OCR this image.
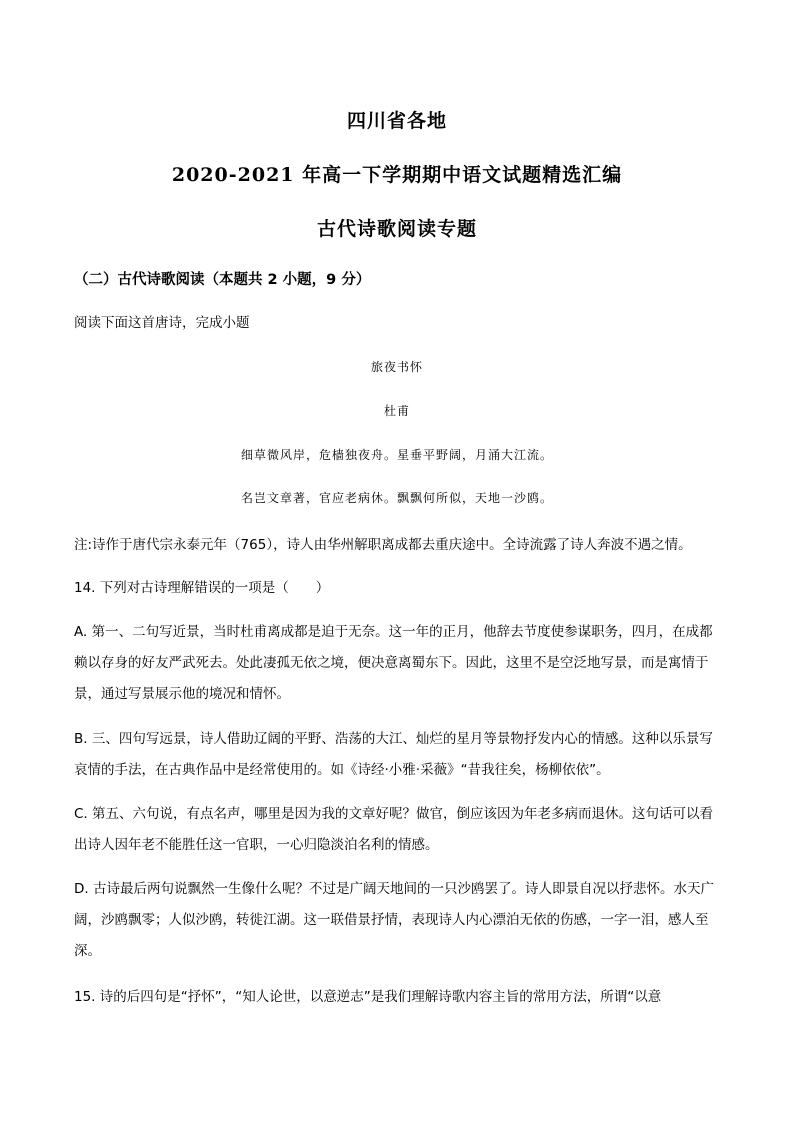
四川省各地
2020-2021 年高一下学期期中语文试题精选汇编
古代诗歌阅读专题
（二）古代诗歌阅读（本题共 2 小题，9 分）
阅读下面这首唐诗，完成小题
旅夜书怀
杜甫
细草微风岸，危樯独夜舟。星垂平野阔，月涌大江流。
名岂文章著，官应老病休。飘飘何所似，天地一沙鸥。
注:诗作于唐代宗永泰元年（765），诗人由华州解职离成都去重庆途中。全诗流露了诗人奔波不遇之情。
14. 下列对古诗理解错误的一项是（　　）
A. 第一、二句写近景，当时杜甫离成都是迫于无奈。这一年的正月，他辞去节度使参谋职务，四月，在成都赖以存身的好友严武死去。处此凄孤无依之境，便决意离蜀东下。因此，这里不是空泛地写景，而是寓情于景，通过写景展示他的境况和情怀。
B. 三、四句写远景，诗人借助辽阔的平野、浩荡的大江、灿烂的星月等景物抒发内心的情感。这种以乐景写哀情的手法，在古典作品中是经常使用的。如《诗经·小雅·采薇》“昔我往矣，杨柳依依”。
C. 第五、六句说，有点名声，哪里是因为我的文章好呢？做官，倒应该因为年老多病而退休。这句话可以看出诗人因年老不能胜任这一官职，一心归隐淡泊名利的情感。
D. 古诗最后两句说飘然一生像什么呢？不过是广阔天地间的一只沙鸥罢了。诗人即景自况以抒悲怀。水天广阔，沙鸥飘零；人似沙鸥，转徙江湖。这一联借景抒情，表现诗人内心漂泊无依的伤感，一字一泪，感人至深。
15. 诗的后四句是“抒怀”，“知人论世，以意逆志”是我们理解诗歌内容主旨的常用方法，所谓“以意
